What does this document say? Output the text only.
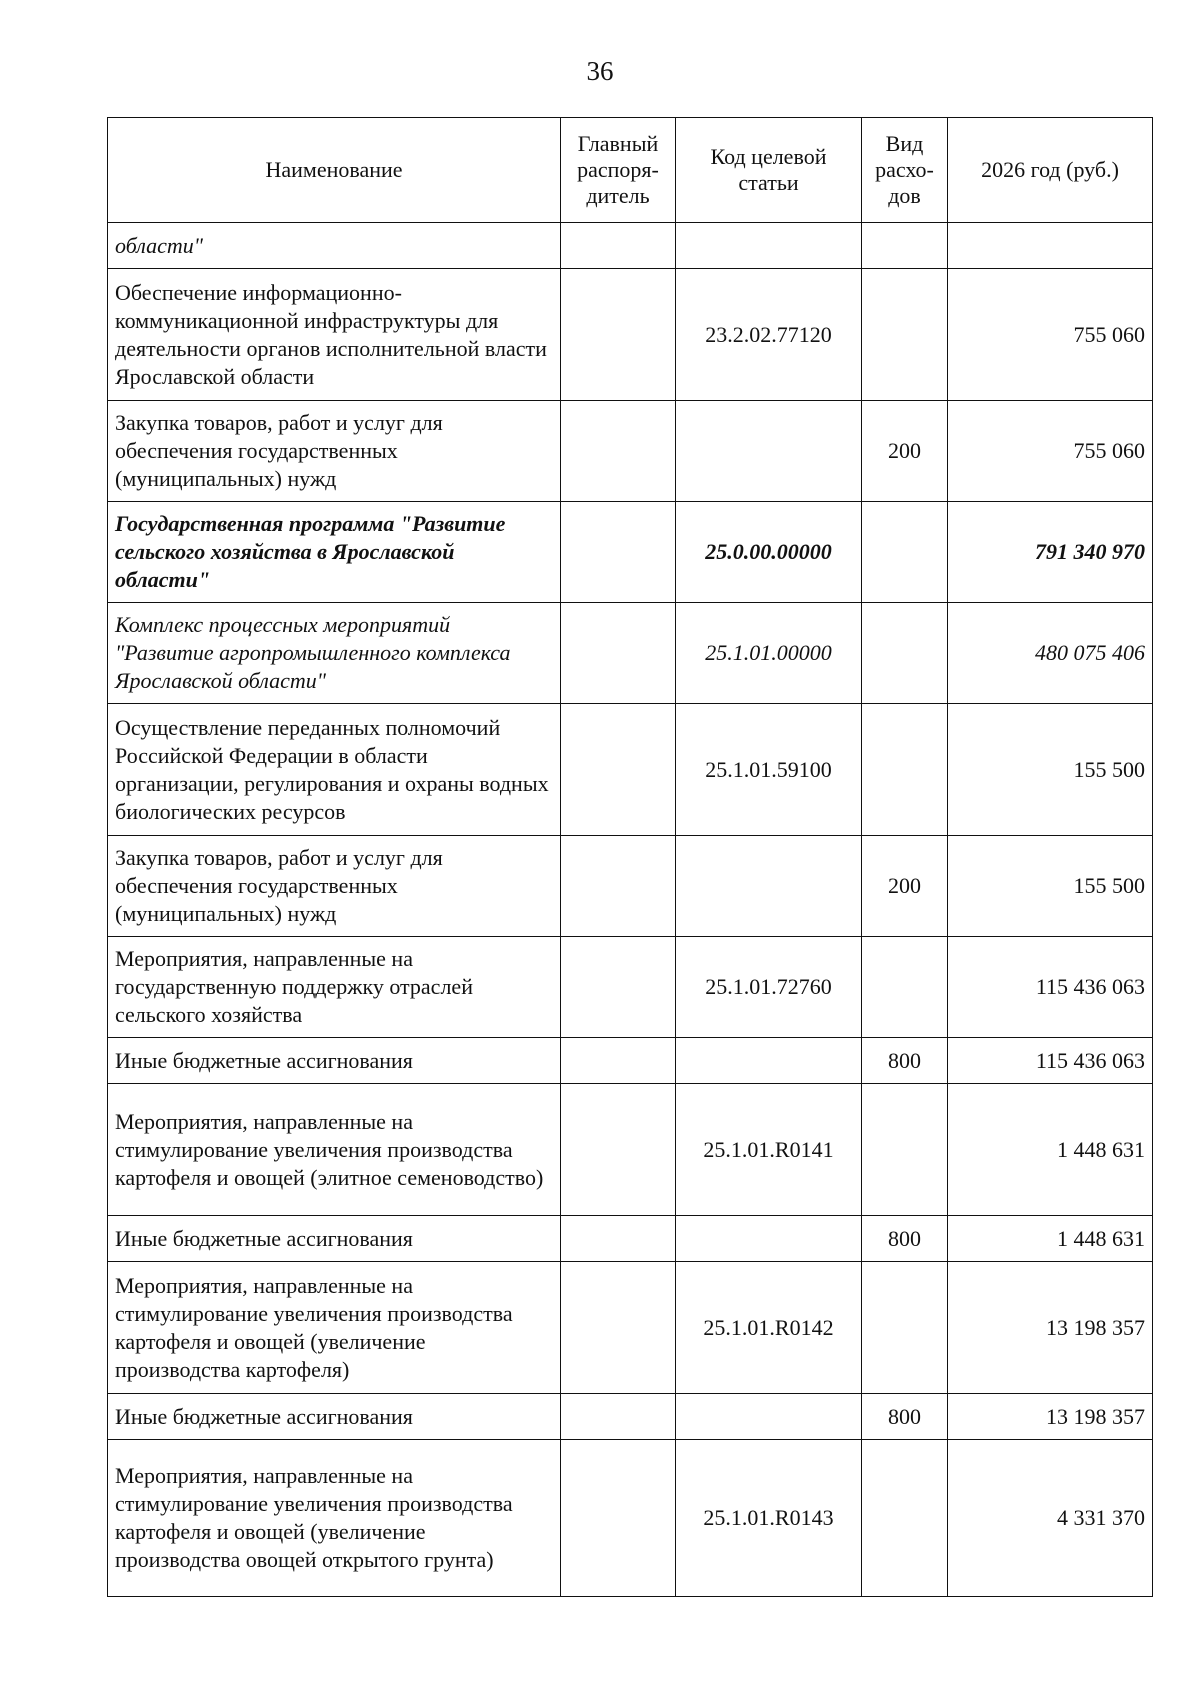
36
Наименование	Главный распоря-дитель	Код целевой статьи	Вид расхо-дов	2026 год (руб.)
области"				
Обеспечение информационно-коммуникационной инфраструктуры для деятельности органов исполнительной власти Ярославской области		23.2.02.77120		755 060
Закупка товаров, работ и услуг для обеспечения государственных (муниципальных) нужд			200	755 060
Государственная программа "Развитие сельского хозяйства в Ярославской области"		25.0.00.00000		791 340 970
Комплекс процессных мероприятий "Развитие агропромышленного комплекса Ярославской области"		25.1.01.00000		480 075 406
Осуществление переданных полномочий Российской Федерации в области организации, регулирования и охраны водных биологических ресурсов		25.1.01.59100		155 500
Закупка товаров, работ и услуг для обеспечения государственных (муниципальных) нужд			200	155 500
Мероприятия, направленные на государственную поддержку отраслей сельского хозяйства		25.1.01.72760		115 436 063
Иные бюджетные ассигнования			800	115 436 063
Мероприятия, направленные на стимулирование увеличения производства картофеля и овощей (элитное семеноводство)		25.1.01.R0141		1 448 631
Иные бюджетные ассигнования			800	1 448 631
Мероприятия, направленные на стимулирование увеличения производства картофеля и овощей (увеличение производства картофеля)		25.1.01.R0142		13 198 357
Иные бюджетные ассигнования			800	13 198 357
Мероприятия, направленные на стимулирование увеличения производства картофеля и овощей (увеличение производства овощей открытого грунта)		25.1.01.R0143		4 331 370
